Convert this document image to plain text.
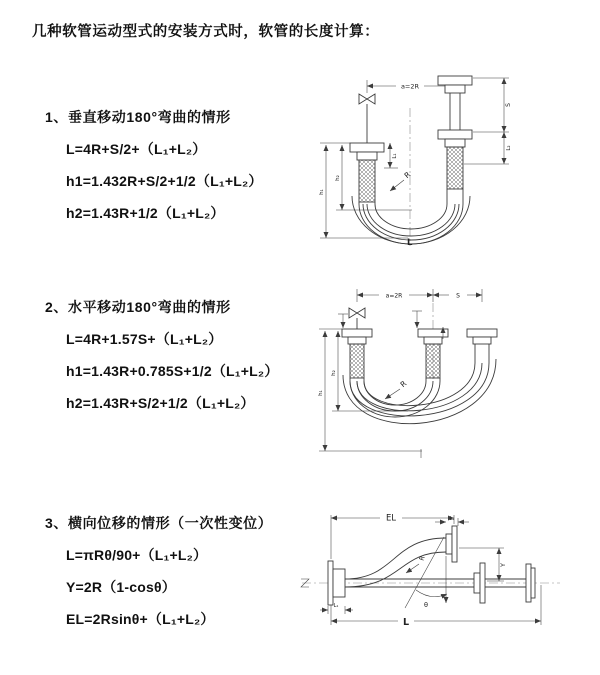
几种软管运动型式的安装方式时，软管的长度计算：
1、垂直移动180°弯曲的情形

L=4R+S/2+（L₁+L₂）

h1=1.432R+S/2+1/2（L₁+L₂）

h2=1.43R+1/2（L₁+L₂）

2、水平移动180°弯曲的情形

L=4R+1.57S+（L₁+L₂）

h1=1.43R+0.785S+1/2（L₁+L₂）

h2=1.43R+S/2+1/2（L₁+L₂）

3、横向位移的情形（一次性变位）

L=πRθ/90+（L₁+L₂）

Y=2R（1-cosθ）

EL=2Rsinθ+（L₁+L₂）

a=2R
L₁
h₂
h₁
S
L₂
R
L
a=2R	S
h₂
h₁
R
EL	L₂
Y
R
θ
L₁
L
